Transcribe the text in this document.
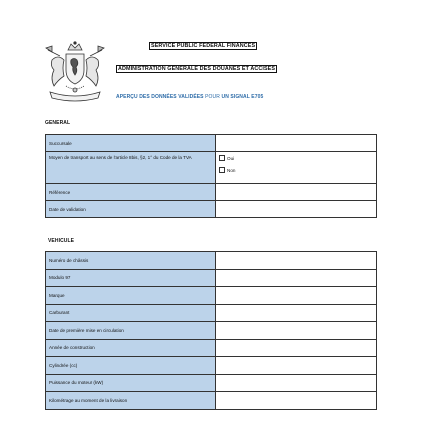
SERVICE PUBLIC FEDERAL FINANCES
ADMINISTRATION GÉNÉRALE DES DOUANES ET ACCISES
APERÇU DES DONNÉES VALIDÉES POUR UN SIGNAL E705
GENERAL
Succursale	
Moyen de transport au sens de l'article 8bis, §2, 1° du Code de la TVA	Oui
Non

Référence	
Date de validation	
VEHICULE
Numéro de châssis	
Modulo 97	
Marque	
Carburant	
Date de première mise en circulation	
Année de construction	
Cylindrée (cc)	
Puissance du moteur (kW)	
Kilométrage au moment de la livraison	
